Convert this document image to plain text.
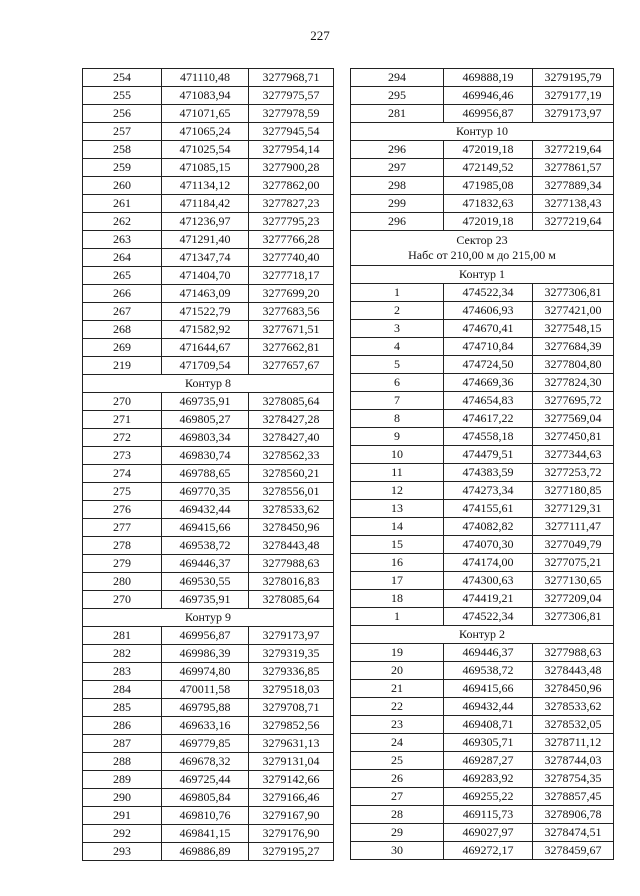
227
254	471110,48	3277968,71
255	471083,94	3277975,57
256	471071,65	3277978,59
257	471065,24	3277945,54
258	471025,54	3277954,14
259	471085,15	3277900,28
260	471134,12	3277862,00
261	471184,42	3277827,23
262	471236,97	3277795,23
263	471291,40	3277766,28
264	471347,74	3277740,40
265	471404,70	3277718,17
266	471463,09	3277699,20
267	471522,79	3277683,56
268	471582,92	3277671,51
269	471644,67	3277662,81
219	471709,54	3277657,67
Контур 8		
270	469735,91	3278085,64
271	469805,27	3278427,28
272	469803,34	3278427,40
273	469830,74	3278562,33
274	469788,65	3278560,21
275	469770,35	3278556,01
276	469432,44	3278533,62
277	469415,66	3278450,96
278	469538,72	3278443,48
279	469446,37	3277988,63
280	469530,55	3278016,83
270	469735,91	3278085,64
Контур 9		
281	469956,87	3279173,97
282	469986,39	3279319,35
283	469974,80	3279336,85
284	470011,58	3279518,03
285	469795,88	3279708,71
286	469633,16	3279852,56
287	469779,85	3279631,13
288	469678,32	3279131,04
289	469725,44	3279142,66
290	469805,84	3279166,46
291	469810,76	3279167,90
292	469841,15	3279176,90
293	469886,89	3279195,27
294	469888,19	3279195,79
295	469946,46	3279177,19
281	469956,87	3279173,97
Контур 10		
296	472019,18	3277219,64
297	472149,52	3277861,57
298	471985,08	3277889,34
299	471832,63	3277138,43
296	472019,18	3277219,64

Сектор 23
Набс от 210,00 м до 215,00 м		

Контур 1		
1	474522,34	3277306,81
2	474606,93	3277421,00
3	474670,41	3277548,15
4	474710,84	3277684,39
5	474724,50	3277804,80
6	474669,36	3277824,30
7	474654,83	3277695,72
8	474617,22	3277569,04
9	474558,18	3277450,81
10	474479,51	3277344,63
11	474383,59	3277253,72
12	474273,34	3277180,85
13	474155,61	3277129,31
14	474082,82	3277111,47
15	474070,30	3277049,79
16	474174,00	3277075,21
17	474300,63	3277130,65
18	474419,21	3277209,04
1	474522,34	3277306,81
Контур 2		
19	469446,37	3277988,63
20	469538,72	3278443,48
21	469415,66	3278450,96
22	469432,44	3278533,62
23	469408,71	3278532,05
24	469305,71	3278711,12
25	469287,27	3278744,03
26	469283,92	3278754,35
27	469255,22	3278857,45
28	469115,73	3278906,78
29	469027,97	3278474,51
30	469272,17	3278459,67
